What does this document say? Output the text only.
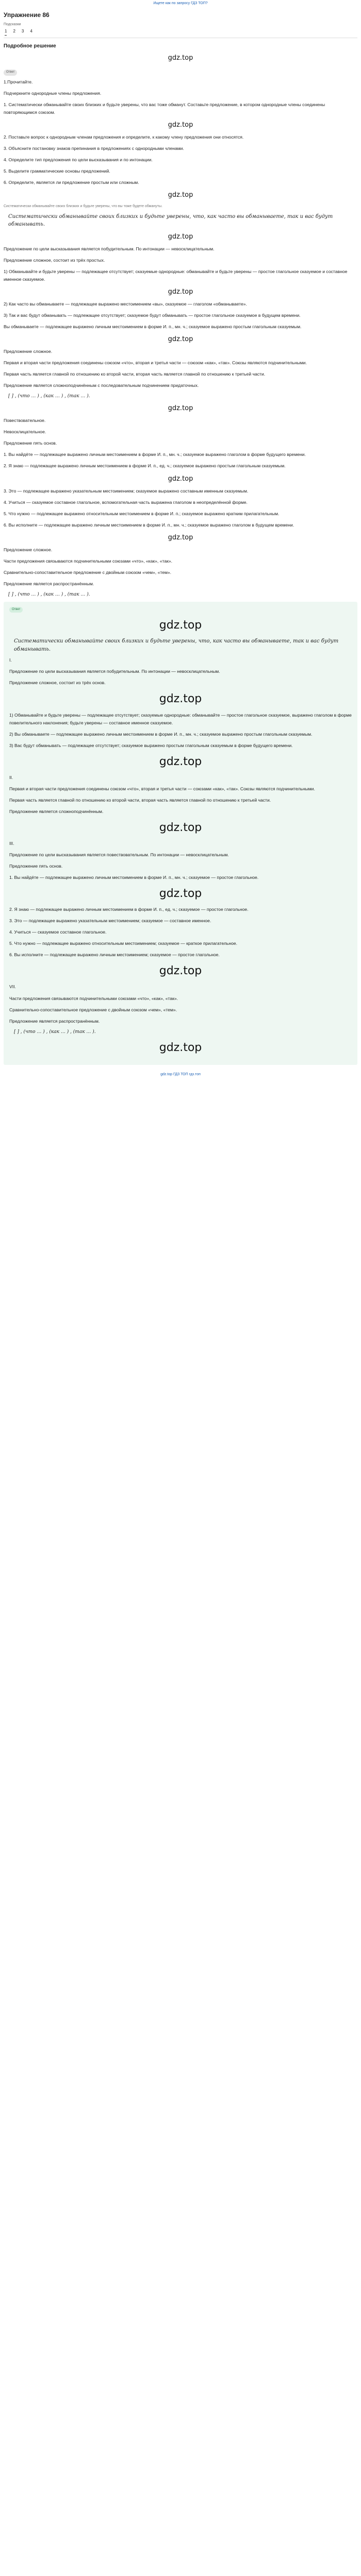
Ищете как по запросу ГДЗ ТОП?
Упражнение 86
Подсказки
1 2 3 4
Подробное решение
gdz.top
Ответ
1.Прочитайте.
Подчеркните однородные члены предложения.
1. Систематически обманывайте своих близких и будьте уверены, что вас тоже обманут. Составьте предложение, в котором однородные члены соединены повторяющимся союзом.
gdz.top
2. Поставьте вопрос к однородным членам предложения и определите, к какому члену предложения они относятся.
3. Объясните постановку знаков препинания в предложениях с однородными членами.
4. Определите тип предложения по цели высказывания и по интонации.
5. Выделите грамматические основы предложений.
6. Определите, является ли предложение простым или сложным.
gdz.top
Систематически обманывайте своих близких и будьте уверены, что вы тоже будете обмануты.
Систематически обманывайте своих близких и будьте уверены, что, как часто вы обманываете, так и вас будут обманывать.
gdz.top
Предложение по цели высказывания является побудительным. По интонации — невосклицательным.
Предложение сложное, состоит из трёх простых.
1) Обманывайте и будьте уверены — подлежащее отсутствует; сказуемые однородные: обманывайте и будьте уверены — простое глагольное сказуемое и составное именное сказуемое.
gdz.top
2) Как часто вы обманываете — подлежащее выражено местоимением «вы», сказуемое — глаголом «обманываете».
3) Так и вас будут обманывать — подлежащее отсутствует; сказуемое будут обманывать — простое глагольное сказуемое в будущем времени.
Вы обманываете — подлежащее выражено личным местоимением в форме И. п., мн. ч.; сказуемое выражено простым глагольным сказуемым.
gdz.top
Предложение сложное.
Первая и вторая части предложения соединены союзом «что», вторая и третья части — союзом «как», «так». Союзы являются подчинительными.
Первая часть является главной по отношению ко второй части, вторая часть является главной по отношению к третьей части.
Предложение является сложноподчинённым с последовательным подчинением придаточных.
[ ] , (что … ) , (как … ) , (так … ).
gdz.top
Повествовательное.
Невосклицательное.
Предложение пять основ.
1. Вы найдёте — подлежащее выражено личным местоимением в форме И. п., мн. ч.; сказуемое выражено глаголом в форме будущего времени.
2. Я знаю — подлежащее выражено личным местоимением в форме И. п., ед. ч.; сказуемое выражено простым глагольным сказуемым.
gdz.top
3. Это — подлежащее выражено указательным местоимением; сказуемое выражено составным именным сказуемым.
4. Учиться — сказуемое составное глагольное, вспомогательная часть выражена глаголом в неопределённой форме.
5. Что нужно — подлежащее выражено относительным местоимением в форме И. п.; сказуемое выражено кратким прилагательным.
6. Вы исполните — подлежащее выражено личным местоимением в форме И. п., мн. ч.; сказуемое выражено глаголом в будущем времени.
gdz.top
Предложение сложное.
Части предложения связываются подчинительными союзами «что», «как», «так».
Сравнительно-сопоставительное предложение с двойным союзом «чем», «тем».
Предложение является распространённым.
[ ] , (что … ) , (как … ) , (так … ).
Ответ
gdz.top
Систематически обманывайте своих близких и будьте уверены, что, как часто вы обманываете, так и вас будут обманывать.
I.
Предложение по цели высказывания является побудительным. По интонации — невосклицательным.
Предложение сложное, состоит из трёх основ.
gdz.top
1) Обманывайте и будьте уверены — подлежащее отсутствует; сказуемые однородные: обманывайте — простое глагольное сказуемое, выражено глаголом в форме повелительного наклонения; будьте уверены — составное именное сказуемое.
2) Вы обманываете — подлежащее выражено личным местоимением в форме И. п., мн. ч.; сказуемое выражено простым глагольным сказуемым.
3) Вас будут обманывать — подлежащее отсутствует; сказуемое выражено простым глагольным сказуемым в форме будущего времени.
gdz.top
II.
Первая и вторая части предложения соединены союзом «что», вторая и третья части — союзами «как», «так». Союзы являются подчинительными.
Первая часть является главной по отношению ко второй части, вторая часть является главной по отношению к третьей части.
Предложение является сложноподчинённым.
gdz.top
III.
Предложение по цели высказывания является повествовательным. По интонации — невосклицательным.
Предложение пять основ.
1. Вы найдёте — подлежащее выражено личным местоимением в форме И. п., мн. ч.; сказуемое — простое глагольное.
gdz.top
2. Я знаю — подлежащее выражено личным местоимением в форме И. п., ед. ч.; сказуемое — простое глагольное.
3. Это — подлежащее выражено указательным местоимением; сказуемое — составное именное.
4. Учиться — сказуемое составное глагольное.
5. Что нужно — подлежащее выражено относительным местоимением; сказуемое — краткое прилагательное.
6. Вы исполните — подлежащее выражено личным местоимением; сказуемое — простое глагольное.
gdz.top
VII.
Части предложения связываются подчинительными союзами «что», «как», «так».
Сравнительно-сопоставительное предложение с двойным союзом «чем», «тем».
Предложение является распространённым.
[ ] , (что … ) , (как … ) , (так … ).
gdz.top
gdz.top ГДЗ ТОП гдз.топ
